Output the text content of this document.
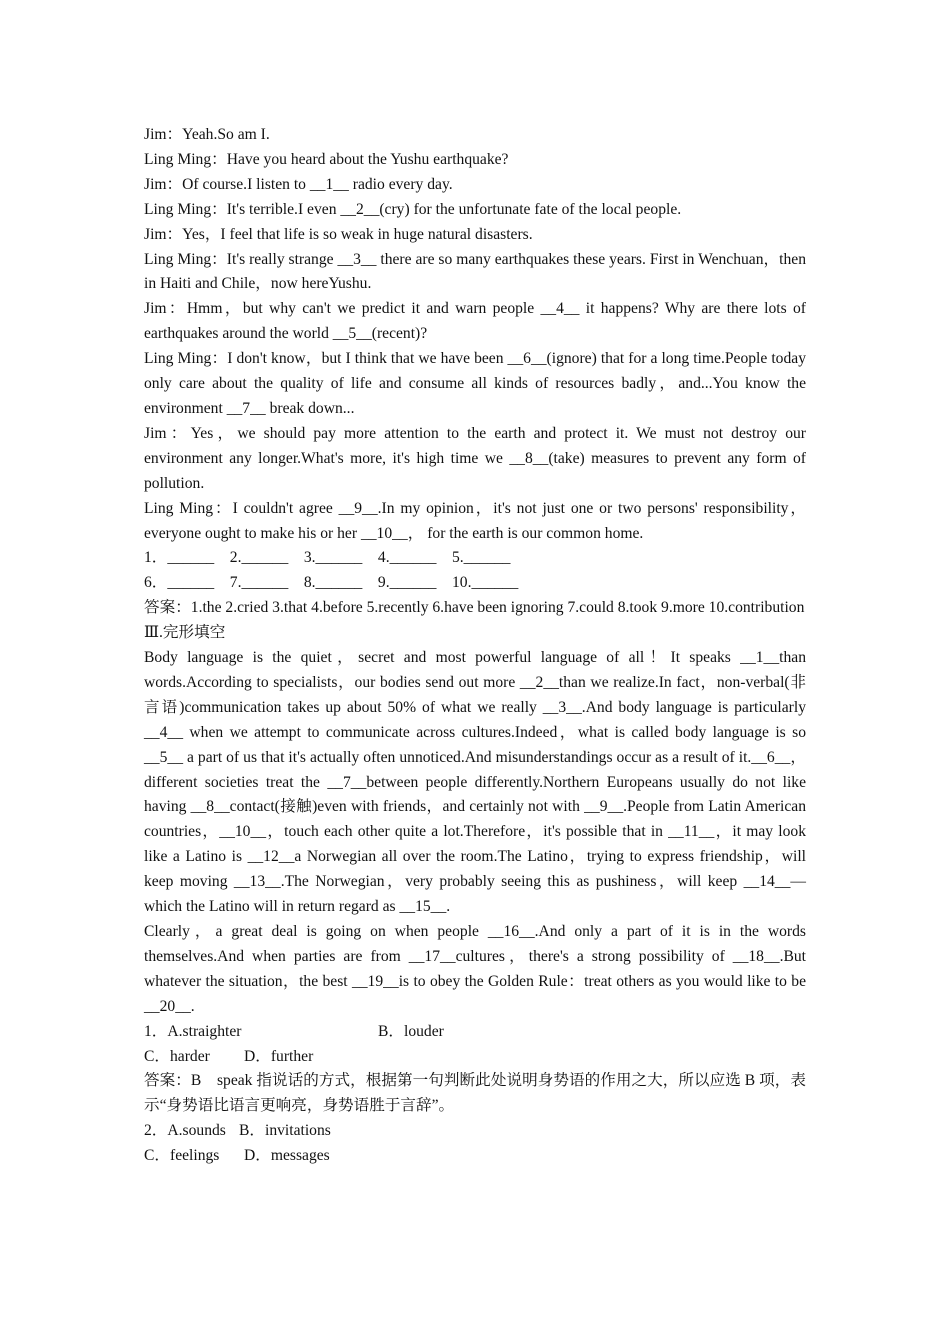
Jim：Yeah.So am I.

Ling Ming：Have you heard about the Yushu earthquake?

Jim：Of course.I listen to __1__ radio every day.

Ling Ming：It's terrible.I even __2__(cry) for the unfortunate fate of the local people.

Jim：Yes，I feel that life is so weak in huge natural disasters.

Ling Ming：It's really strange __3__ there are so many earthquakes these years. First in Wenchuan，then in Haiti and Chile，now hereYushu.

Jim：Hmm，but why can't we predict it and warn people __4__ it happens? Why are there lots of earthquakes around the world __5__(recent)?

Ling Ming：I don't know，but I think that we have been __6__(ignore) that for a long time.People today only care about the quality of life and consume all kinds of resources badly，and...You know the environment __7__ break down...

Jim：Yes，we should pay more attention to the earth and protect it. We must not destroy our environment any longer.What's more, it's high time we __8__(take) measures to prevent any form of pollution.

Ling Ming：I couldn't agree __9__.In my opinion，it's not just one or two persons' responsibility，everyone ought to make his or her __10__， for the earth is our common home.

1．______    2.______    3.______    4.______    5.______

6．______    7.______    8.______    9.______    10.______

答案：1.the 2.cried 3.that 4.before 5.recently 6.have been ignoring 7.could 8.took 9.more 10.contribution

Ⅲ.完形填空

Body language is the quiet，secret and most powerful language of all！It speaks __1__than words.According to specialists，our bodies send out more __2__than we realize.In fact，non-verbal(非言语)communication takes up about 50% of what we really __3__.And body language is particularly __4__ when we attempt to communicate across cultures.Indeed，what is called body language is so __5__ a part of us that it's actually often unnoticed.And misunderstandings occur as a result of it.__6__，different societies treat the __7__between people differently.Northern Europeans usually do not like having __8__contact(接触)even with friends，and certainly not with __9__.People from Latin American countries，__10__，touch each other quite a lot.Therefore，it's possible that in __11__，it may look like a Latino is __12__a Norwegian all over the room.The Latino，trying to express friendship，will keep moving __13__.The Norwegian，very probably seeing this as pushiness，will keep __14__—which the Latino will in return regard as __15__.

Clearly，a great deal is going on when people __16__.And only a part of it is in the words themselves.And when parties are from __17__cultures，there's a strong possibility of __18__.But whatever the situation，the best __19__is to obey the Golden Rule：treat others as you would like to be __20__.

1．A.straighter	B．louder

C．harder D．further

答案：B　speak 指说话的方式，根据第一句判断此处说明身势语的作用之大，所以应选 B 项，表示“身势语比语言更响亮，身势语胜于言辞”。

2．A.sounds B．invitations

C．feelings D．messages
